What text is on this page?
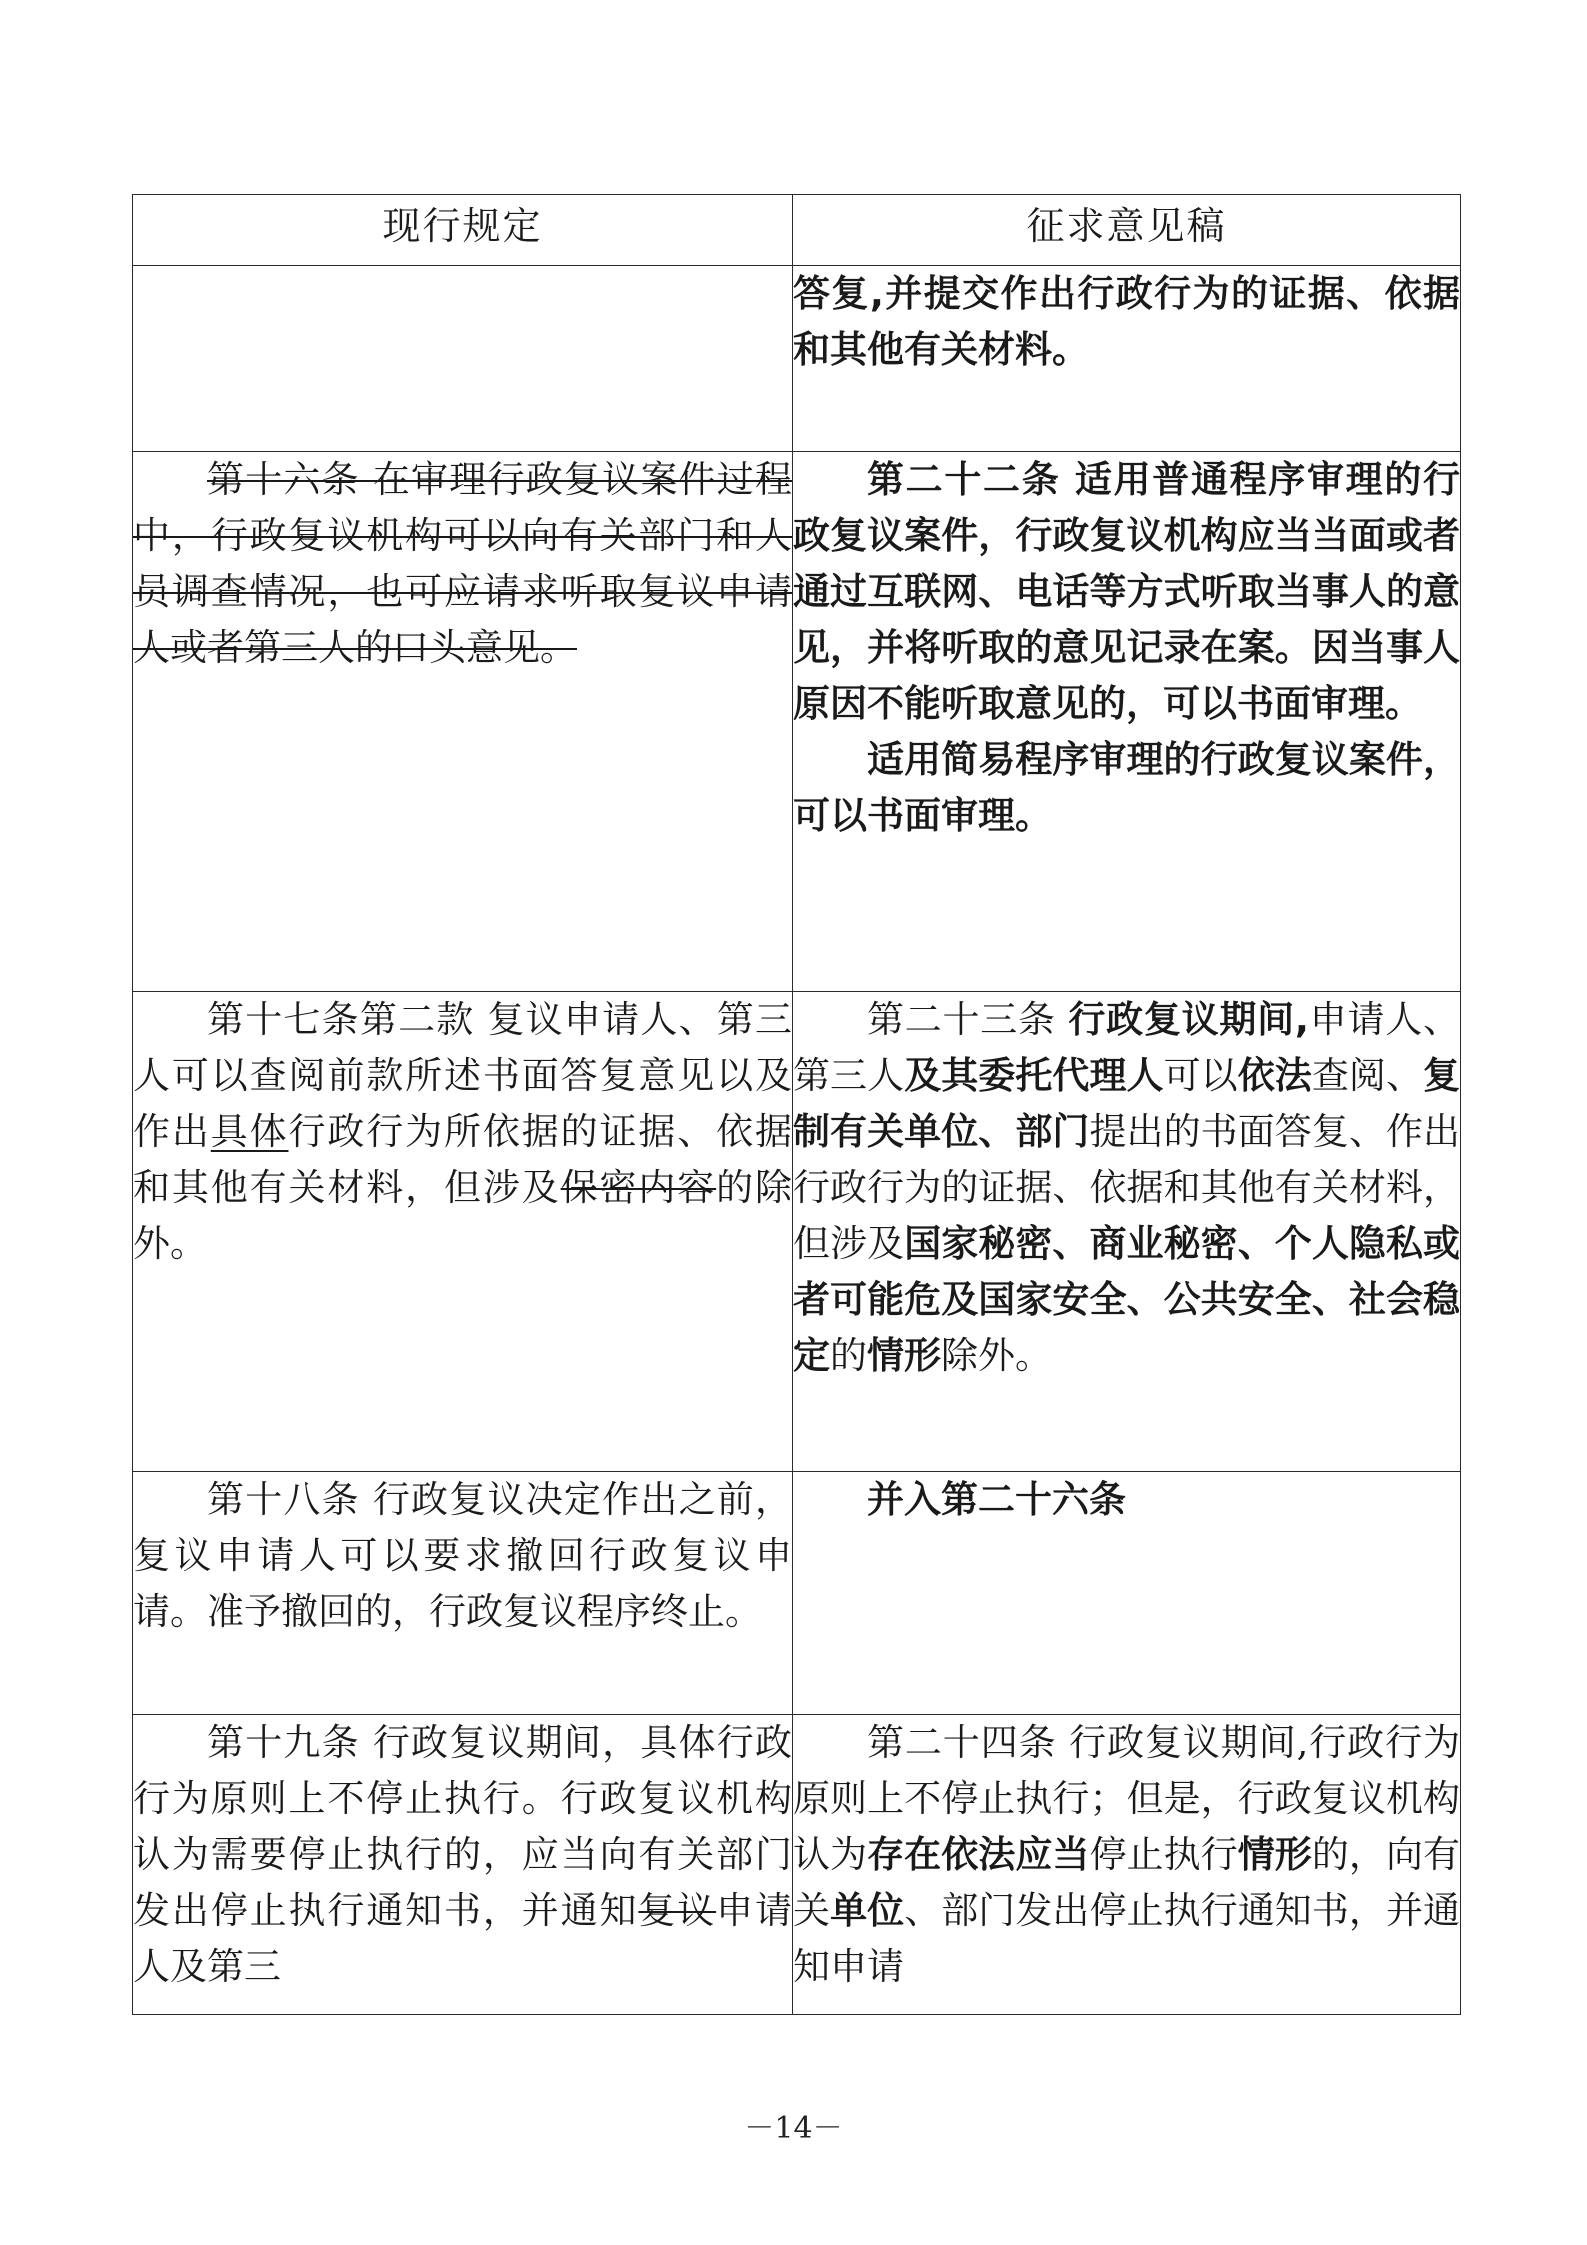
现行规定	征求意见稿

	答复,并提交作出行政行为的证据、依据和其他有关材料。

第十六条 在审理行政复议案件过程中，行政复议机构可以向有关部门和人员调查情况，也可应请求听取复议申请人或者第三人的口头意见。	第二十二条 适用普通程序审理的行政复议案件，行政复议机构应当当面或者通过互联网、电话等方式听取当事人的意见，并将听取的意见记录在案。因当事人原因不能听取意见的，可以书面审理。

适用简易程序审理的行政复议案件，可以书面审理。

第十七条第二款 复议申请人、第三人可以查阅前款所述书面答复意见以及作出具体行政行为所依据的证据、依据和其他有关材料，但涉及保密内容的除外。	第二十三条 行政复议期间,申请人、第三人及其委托代理人可以依法查阅、复制有关单位、部门提出的书面答复、作出行政行为的证据、依据和其他有关材料，但涉及国家秘密、商业秘密、个人隐私或者可能危及国家安全、公共安全、社会稳定的情形除外。

第十八条 行政复议决定作出之前，复议申请人可以要求撤回行政复议申请。准予撤回的，行政复议程序终止。	并入第二十六条

第十九条 行政复议期间，具体行政行为原则上不停止执行。行政复议机构认为需要停止执行的，应当向有关部门发出停止执行通知书，并通知复议申请人及第三	第二十四条 行政复议期间,行政行为原则上不停止执行；但是，行政复议机构认为存在依法应当停止执行情形的，向有关单位、部门发出停止执行通知书，并通知申请

－14－
